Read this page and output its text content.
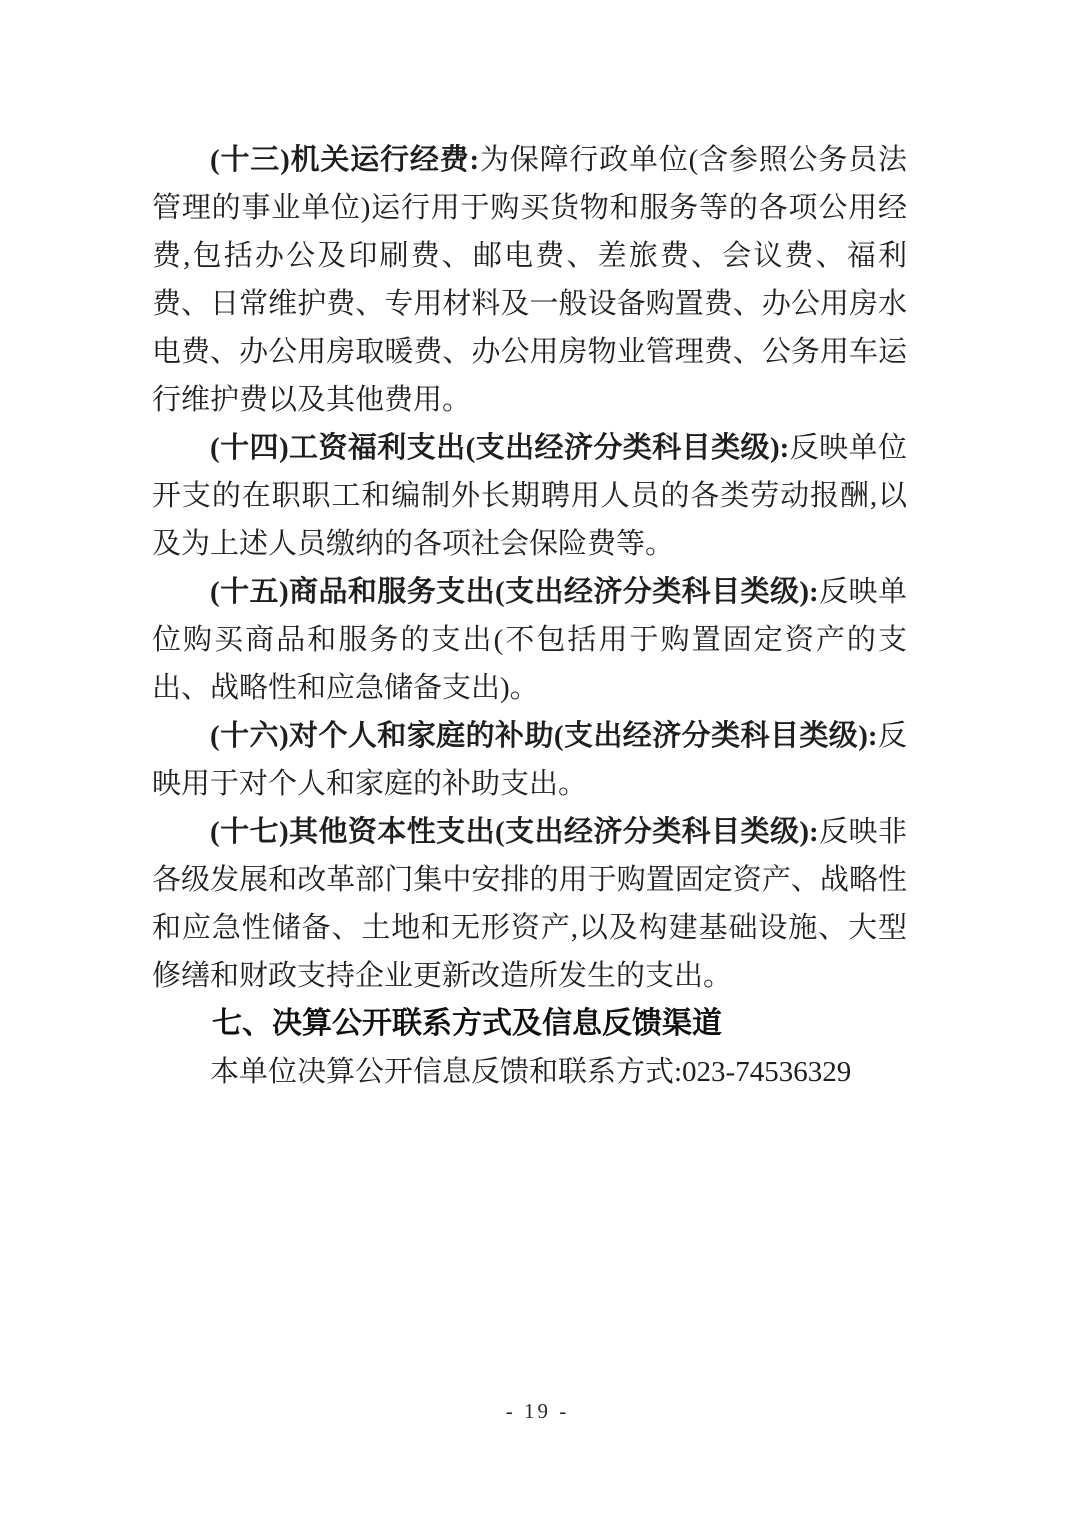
(十三)机关运行经费:为保障行政单位(含参照公务员法管理的事业单位)运行用于购买货物和服务等的各项公用经费,包括办公及印刷费、邮电费、差旅费、会议费、福利费、日常维护费、专用材料及一般设备购置费、办公用房水电费、办公用房取暖费、办公用房物业管理费、公务用车运行维护费以及其他费用。

(十四)工资福利支出(支出经济分类科目类级):反映单位开支的在职职工和编制外长期聘用人员的各类劳动报酬,以及为上述人员缴纳的各项社会保险费等。

(十五)商品和服务支出(支出经济分类科目类级):反映单位购买商品和服务的支出(不包括用于购置固定资产的支出、战略性和应急储备支出)。

(十六)对个人和家庭的补助(支出经济分类科目类级):反映用于对个人和家庭的补助支出。

(十七)其他资本性支出(支出经济分类科目类级):反映非各级发展和改革部门集中安排的用于购置固定资产、战略性和应急性储备、土地和无形资产,以及构建基础设施、大型修缮和财政支持企业更新改造所发生的支出。

七、决算公开联系方式及信息反馈渠道

本单位决算公开信息反馈和联系方式:023-74536329

- 19 -
